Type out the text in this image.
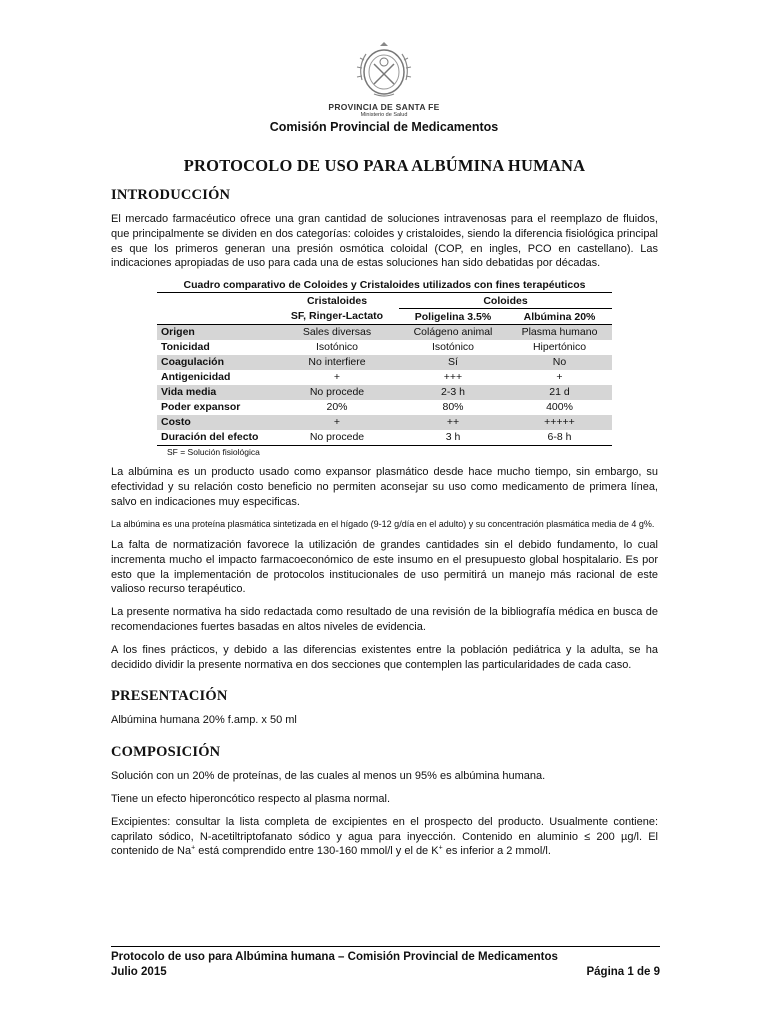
PROVINCIA DE SANTA FE
Ministerio de Salud
Comisión Provincial de Medicamentos
PROTOCOLO DE USO PARA ALBÚMINA HUMANA
INTRODUCCIÓN

El mercado farmacéutico ofrece una gran cantidad de soluciones intravenosas para el reemplazo de fluidos, que principalmente se dividen en dos categorías: coloides y cristaloides, siendo la diferencia fisiológica principal es que los primeros generan una presión osmótica coloidal (COP, en ingles, PCO en castellano). Las indicaciones apropiadas de uso para cada una de estas soluciones han sido debatidas por décadas.

Cuadro comparativo de Coloides y Cristaloides utilizados con fines terapéuticos
	Cristaloides	Coloides	
	SF, Ringer-Lactato	Poligelina 3.5%	Albúmina 20%
Origen	Sales diversas	Colágeno animal	Plasma humano
Tonicidad	Isotónico	Isotónico	Hipertónico
Coagulación	No interfiere	Sí	No
Antigenicidad	+	+++	+
Vida media	No procede	2-3 h	21 d
Poder expansor	20%	80%	400%
Costo	+	++	+++++
Duración del efecto	No procede	3 h	6-8 h
SF = Solución fisiológica

La albúmina es un producto usado como expansor plasmático desde hace mucho tiempo, sin embargo, su efectividad y su relación costo beneficio no permiten aconsejar su uso como medicamento de primera línea, salvo en indicaciones muy especificas.

La albúmina es una proteína plasmática sintetizada en el hígado (9-12 g/día en el adulto) y su concentración plasmática media de 4 g%.

La falta de normatización favorece la utilización de grandes cantidades sin el debido fundamento, lo cual incrementa mucho el impacto farmacoeconómico de este insumo en el presupuesto global hospitalario. Es por esto que la implementación de protocolos institucionales de uso permitirá un manejo más racional de este valioso recurso terapéutico.

La presente normativa ha sido redactada como resultado de una revisión de la bibliografía médica en busca de recomendaciones fuertes basadas en altos niveles de evidencia.

A los fines prácticos, y debido a las diferencias existentes entre la población pediátrica y la adulta, se ha decidido dividir la presente normativa en dos secciones que contemplen las particularidades de cada caso.

PRESENTACIÓN

Albúmina humana 20% f.amp. x 50 ml

COMPOSICIÓN

Solución con un 20% de proteínas, de las cuales al menos un 95% es albúmina humana.

Tiene un efecto hiperoncótico respecto al plasma normal.

Excipientes: consultar la lista completa de excipientes en el prospecto del producto. Usualmente contiene: caprilato sódico, N-acetiltriptofanato sódico y agua para inyección. Contenido en aluminio ≤ 200 µg/l. El contenido de Na+ está comprendido entre 130-160 mmol/l y el de K+ es inferior a 2 mmol/l.

Protocolo de uso para Albúmina humana – Comisión Provincial de Medicamentos
Julio 2015	Página 1 de 9
